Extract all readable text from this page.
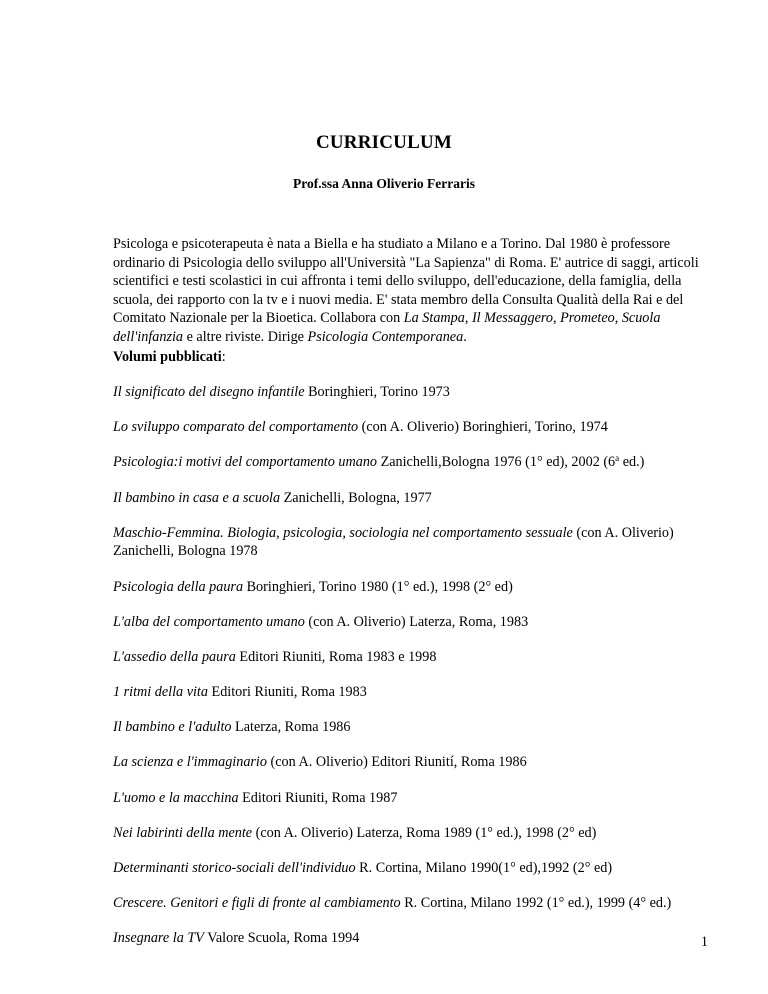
CURRICULUM
Prof.ssa Anna Oliverio Ferraris

Psicologa e psicoterapeuta è nata a Biella e ha studiato a Milano e a Torino. Dal 1980 è professore ordinario di Psicologia dello sviluppo all'Università "La Sapienza" di Roma. E' autrice di saggi, articoli scientifici e testi scolastici in cui affronta i temi dello sviluppo, dell'educazione, della famiglia, della scuola, dei rapporto con la tv e i nuovi media. E' stata membro della Consulta Qualità della Rai e del Comitato Nazionale per la Bioetica. Collabora con La Stampa, Il Messaggero, Prometeo, Scuola dell'infanzia e altre riviste. Dirige Psicologia Contemporanea.

Volumi pubblicati:

Il significato del disegno infantile Boringhieri, Torino 1973
Lo sviluppo comparato del comportamento (con A. Oliverio) Boringhieri, Torino, 1974
Psicologia:i motivi del comportamento umano Zanichelli,Bologna 1976 (1° ed), 2002 (6$^a$ ed.)
Il bambino in casa e a scuola Zanichelli, Bologna, 1977
Maschio-Femmina. Biologia, psicologia, sociologia nel comportamento sessuale (con A. Oliverio) Zanichelli, Bologna 1978
Psicologia della paura Boringhieri, Torino 1980 (1° ed.), 1998 (2° ed)
L'alba del comportamento umano (con A. Oliverio) Laterza, Roma, 1983
L'assedio della paura Editori Riuniti, Roma 1983 e 1998
1 ritmi della vita Editori Riuniti, Roma 1983
Il bambino e l'adulto Laterza, Roma 1986
La scienza e l'immaginario (con A. Oliverio) Editori Riunití, Roma 1986
L'uomo e la macchina Editori Riuniti, Roma 1987
Nei labirinti della mente (con A. Oliverio) Laterza, Roma 1989 (1° ed.), 1998 (2° ed)
Determinanti storico-sociali dell'individuo R. Cortina, Milano 1990(1° ed),1992 (2° ed)
Crescere. Genitori e figli di fronte al cambiamento R. Cortina, Milano 1992 (1° ed.), 1999 (4° ed.)
Insegnare la TV Valore Scuola, Roma 1994	1
